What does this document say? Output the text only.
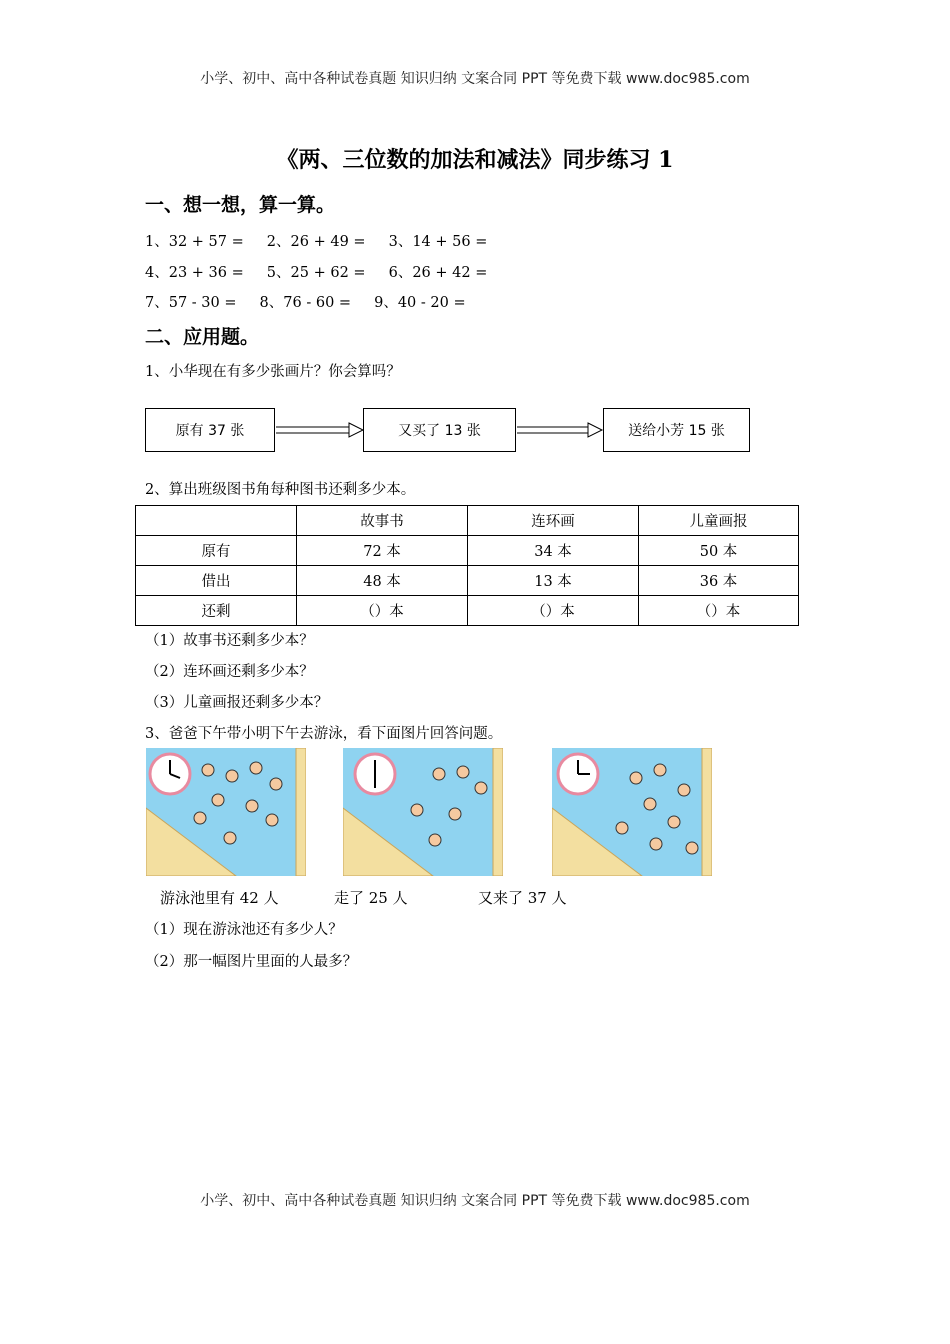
小学、初中、高中各种试卷真题 知识归纳 文案合同 PPT 等免费下载 www.doc985.com
《两、三位数的加法和减法》同步练习 1
一、想一想，算一算。
1、32 + 57 =     2、26 + 49 =     3、14 + 56 =
4、23 + 36 =     5、25 + 62 =     6、26 + 42 =
7、57 - 30 =     8、76 - 60 =     9、40 - 20 =
二、应用题。
1、小华现在有多少张画片？你会算吗？
原有 37 张	又买了 13 张	送给小芳 15 张
2、算出班级图书角每种图书还剩多少本。
	故事书	连环画	儿童画报
原有	72 本	34 本	50 本
借出	48 本	13 本	36 本
还剩	（）本	（）本	（）本
（1）故事书还剩多少本？
（2）连环画还剩多少本？
（3）儿童画报还剩多少本？
3、爸爸下午带小明下午去游泳，看下面图片回答问题。
游泳池里有 42 人	走了 25 人	又来了 37 人
（1）现在游泳池还有多少人？
（2）那一幅图片里面的人最多？
小学、初中、高中各种试卷真题 知识归纳 文案合同 PPT 等免费下载 www.doc985.com
